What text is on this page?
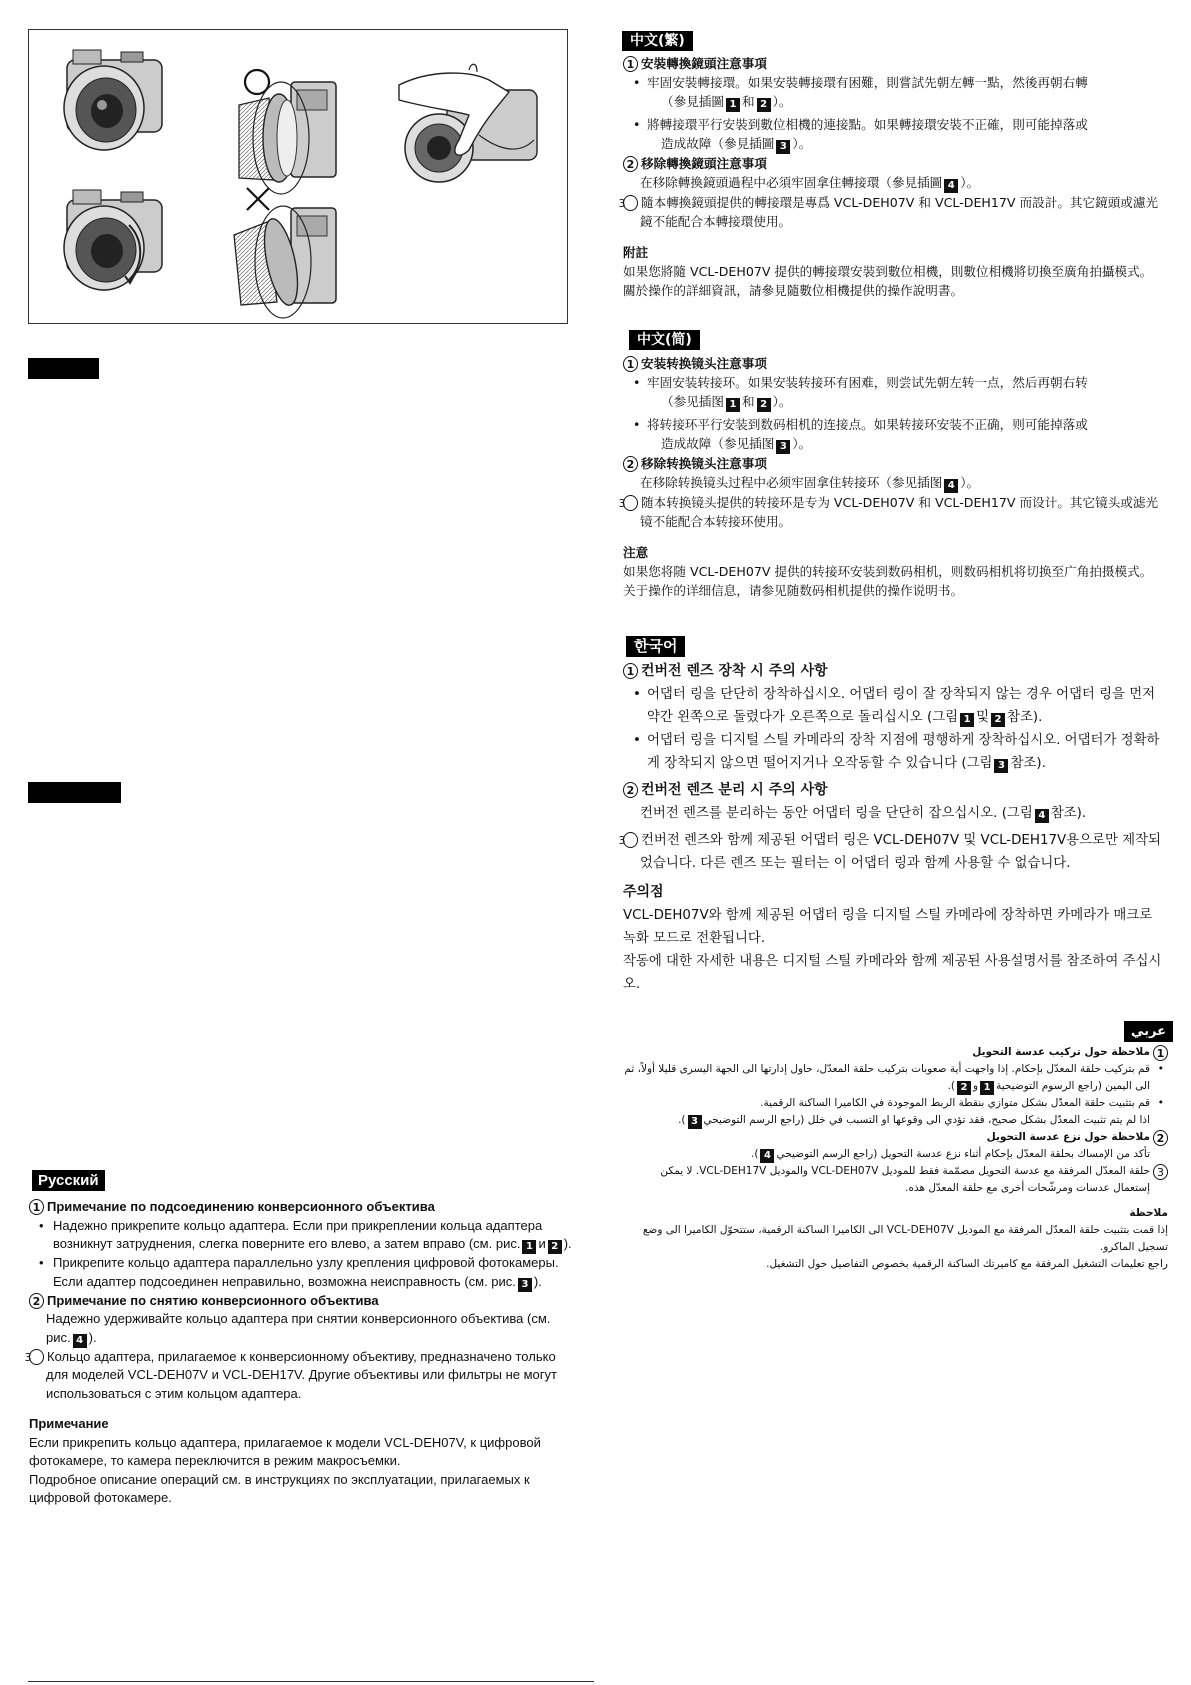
中文(繁)
1 安裝轉換鏡頭注意事項

• 牢固安裝轉接環。如果安裝轉接環有困難，則嘗試先朝左轉一點，然後再朝右轉
（參見插圖 1 和 2 ）。

• 將轉接環平行安裝到數位相機的連接點。如果轉接環安裝不正確，則可能掉落或
造成故障（參見插圖 3 ）。

2 移除轉換鏡頭注意事項

在移除轉換鏡頭過程中必須牢固拿住轉接環（參見插圖 4 ）。

3 隨本轉換鏡頭提供的轉接環是專爲 VCL-DEH07V 和 VCL-DEH17V 而設計。其它鏡頭或濾光鏡不能配合本轉接環使用。

附註

如果您將隨 VCL-DEH07V 提供的轉接環安裝到數位相機，則數位相機將切換至廣角拍攝模式。

關於操作的詳細資訊，請參見隨數位相機提供的操作說明書。

中文(简)
1 安装转换镜头注意事项

• 牢固安装转接环。如果安装转接环有困难，则尝试先朝左转一点，然后再朝右转
（参见插图 1 和 2 ）。

• 将转接环平行安装到数码相机的连接点。如果转接环安装不正确，则可能掉落或
造成故障（参见插图 3 ）。

2 移除转换镜头注意事项

在移除转换镜头过程中必须牢固拿住转接环（参见插图 4 ）。

3 随本转换镜头提供的转接环是专为 VCL-DEH07V 和 VCL-DEH17V 而设计。其它镜头或滤光镜不能配合本转接环使用。

注意

如果您将随 VCL-DEH07V 提供的转接环安装到数码相机，则数码相机将切换至广角拍摄模式。

关于操作的详细信息，请参见随数码相机提供的操作说明书。

한국어
1 컨버전 렌즈 장착 시 주의 사항

• 어댑터 링을 단단히 장착하십시오. 어댑터 링이 잘 장착되지 않는 경우 어댑터 링을 먼저 약간 왼쪽으로 돌렸다가 오른쪽으로 돌리십시오 (그림 1 및 2 참조).

• 어댑터 링을 디지털 스틸 카메라의 장착 지점에 평행하게 장착하십시오. 어댑터가 정확하게 장착되지 않으면 떨어지거나 오작동할 수 있습니다 (그림 3 참조).

2 컨버전 렌즈 분리 시 주의 사항

컨버전 렌즈를 분리하는 동안 어댑터 링을 단단히 잡으십시오. (그림 4 참조).

3 컨버전 렌즈와 함께 제공된 어댑터 링은 VCL-DEH07V 및 VCL-DEH17V용으로만 제작되었습니다. 다른 렌즈 또는 필터는 이 어댑터 링과 함께 사용할 수 없습니다.

주의점

VCL-DEH07V와 함께 제공된 어댑터 링을 디지털 스틸 카메라에 장착하면 카메라가 매크로 녹화 모드로 전환됩니다.

작동에 대한 자세한 내용은 디지털 스틸 카메라와 함께 제공된 사용설명서를 참조하여 주십시오.

عربي
1
ملاحظة حول تركيب عدسة التحويل

• قم بتركيب حلقة المعدّل بإحكام. إذا واجهت أية صعوبات بتركيب حلقة المعدّل، حاول إدارتها الى الجهة اليسرى قليلا أولاً، ثم الى اليمين (راجع الرسوم التوضيحية1و2).

• قم بتثبيت حلقة المعدّل بشكل متوازي بنقطة الربط الموجودة في الكاميرا الساكنة الرقمية.
اذا لم يتم تثبيت المعدّل بشكل صحيح، فقد تؤدي الى وقوعها او التسبب في خلل (راجع الرسم التوضيحي3).

2
ملاحظة حول نزع عدسة التحويل

تأكد من الإمساك بحلقة المعدّل بإحكام أثناء نزع عدسة التحويل (راجع الرسم التوضيحي4).

3
حلقة المعدّل المرفقة مع عدسة التحويل مصمّمة فقط للموديل VCL-DEH07V والموديل VCL-DEH17V. لا يمكن إستعمال عدسات ومرشّحات أخرى مع حلقة المعدّل هذه.

ملاحظة

إذا قمت بتثبيت حلقة المعدّل المرفقة مع الموديل VCL-DEH07V الى الكاميرا الساكنة الرقمية، ستتحوّل الكاميرا الى وضع تسجيل الماكرو.

راجع تعليمات التشغيل المرفقة مع كاميرتك الساكنة الرقمية بخصوص التفاصيل حول التشغيل.

Русский
1 Примечание по подсоединению конверсионного объектива

• Надежно прикрепите кольцо адаптера. Если при прикреплении кольца адаптера возникнут затруднения, слегка поверните его влево, а затем вправо (см. рис. 1 и 2 ).

• Прикрепите кольцо адаптера параллельно узлу крепления цифровой фотокамеры. Если адаптер подсоединен неправильно, возможна неисправность (см. рис. 3 ).

2 Примечание по снятию конверсионного объектива

Надежно удерживайте кольцо адаптера при снятии конверсионного объектива (см. рис. 4 ).

3 Кольцо адаптера, прилагаемое к конверсионному объективу, предназначено только для моделей VCL-DEH07V и VCL-DEH17V. Другие объективы или фильтры не могут использоваться с этим кольцом адаптера.

Примечание

Если прикрепить кольцо адаптера, прилагаемое к модели VCL-DEH07V, к цифровой фотокамере, то камера переключится в режим макросъемки.

Подробное описание операций см. в инструкциях по эксплуатации, прилагаемых к цифровой фотокамере.
